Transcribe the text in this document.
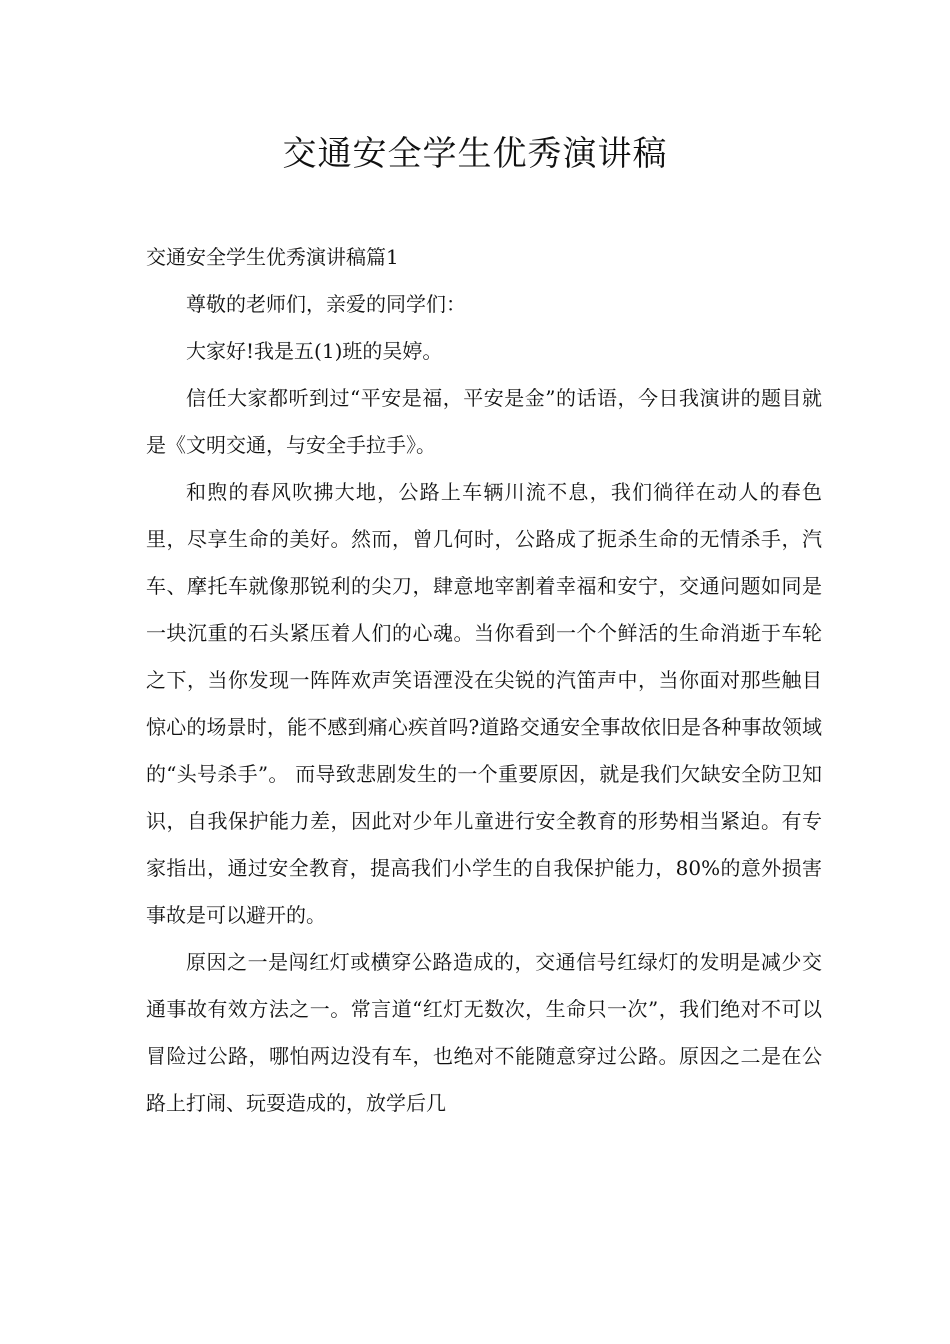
交通安全学生优秀演讲稿

交通安全学生优秀演讲稿篇1

尊敬的老师们，亲爱的同学们：

大家好!我是五(1)班的吴婷。

信任大家都听到过“平安是福，平安是金”的话语，今日我演讲的题目就是《文明交通，与安全手拉手》。

和煦的春风吹拂大地，公路上车辆川流不息，我们徜徉在动人的春色里，尽享生命的美好。然而，曾几何时，公路成了扼杀生命的无情杀手，汽车、摩托车就像那锐利的尖刀，肆意地宰割着幸福和安宁，交通问题如同是一块沉重的石头紧压着人们的心魂。当你看到一个个鲜活的生命消逝于车轮之下，当你发现一阵阵欢声笑语湮没在尖锐的汽笛声中，当你面对那些触目惊心的场景时，能不感到痛心疾首吗?道路交通安全事故依旧是各种事故领域的“头号杀手”。 而导致悲剧发生的一个重要原因，就是我们欠缺安全防卫知识，自我保护能力差，因此对少年儿童进行安全教育的形势相当紧迫。有专家指出，通过安全教育，提高我们小学生的自我保护能力，80%的意外损害事故是可以避开的。

原因之一是闯红灯或横穿公路造成的，交通信号红绿灯的发明是减少交通事故有效方法之一。常言道“红灯无数次，生命只一次”，我们绝对不可以冒险过公路，哪怕两边没有车，也绝对不能随意穿过公路。原因之二是在公路上打闹、玩耍造成的，放学后几
